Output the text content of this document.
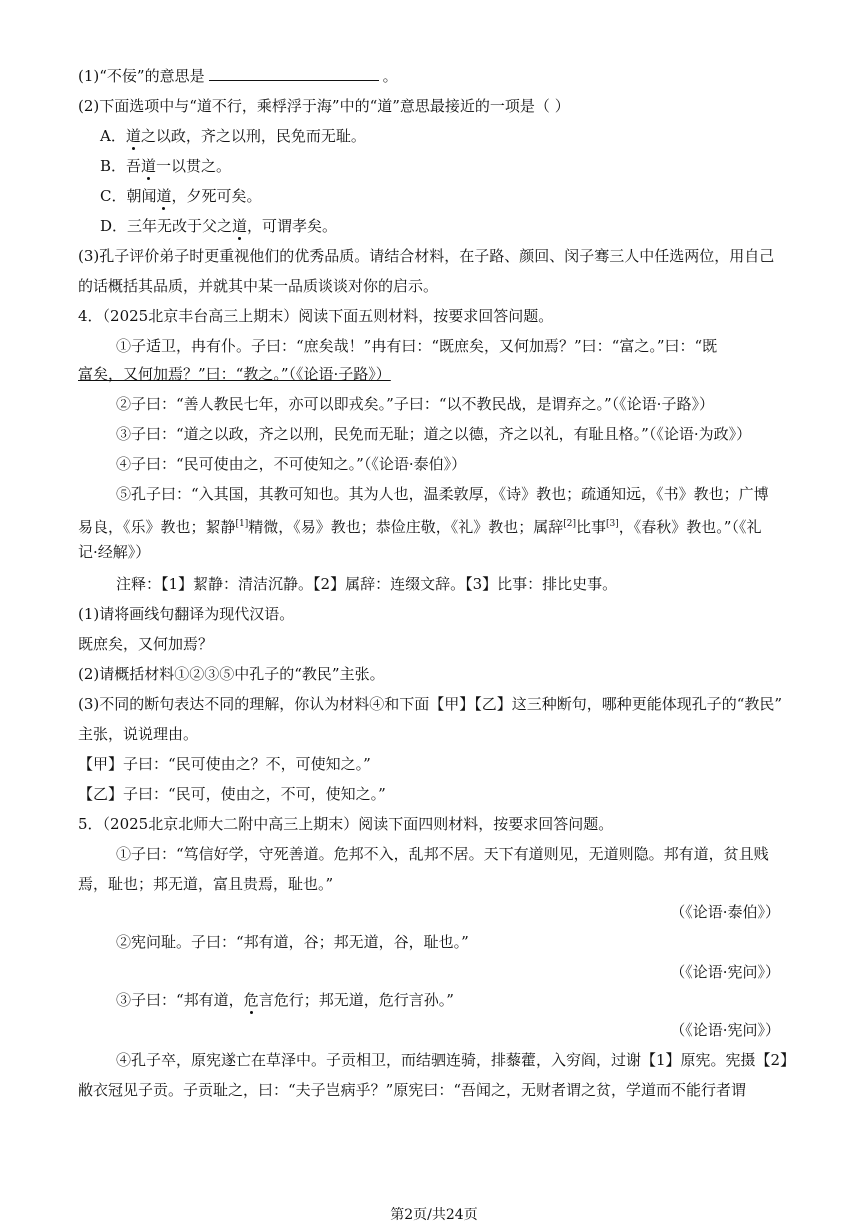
(1)“不佞”的意思是	。
(2)下面选项中与“道不行，乘桴浮于海”中的“道”意思最接近的一项是（ ）
A．道之以政，齐之以刑，民免而无耻。
B．吾道一以贯之。
C．朝闻道，夕死可矣。
D．三年无改于父之道，可谓孝矣。
(3)孔子评价弟子时更重视他们的优秀品质。请结合材料，在子路、颜回、闵子骞三人中任选两位，用自己
的话概括其品质，并就其中某一品质谈谈对你的启示。
4．（2025北京丰台高三上期末）阅读下面五则材料，按要求回答问题。
①子适卫，冉有仆。子曰：“庶矣哉！”冉有曰：“既庶矣，又何加焉？”曰：“富之。”曰：“既
富矣，又何加焉？”曰：“教之。”（《论语·子路》）
②子曰：“善人教民七年，亦可以即戎矣。”子曰：“以不教民战，是谓弃之。”（《论语·子路》）
③子曰：“道之以政，齐之以刑，民免而无耻；道之以德，齐之以礼，有耻且格。”（《论语·为政》）
④子曰：“民可使由之，不可使知之。”（《论语·泰伯》）
⑤孔子曰：“入其国，其教可知也。其为人也，温柔敦厚，《诗》教也；疏通知远，《书》教也；广博
易良，《乐》教也；絜静[1]精微，《易》教也；恭俭庄敬，《礼》教也；属辞[2]比事[3]，《春秋》教也。”（《礼
记·经解》）
注释：【1】絜静：清洁沉静。【2】属辞：连缀文辞。【3】比事：排比史事。
(1)请将画线句翻译为现代汉语。
既庶矣，又何加焉？
(2)请概括材料①②③⑤中孔子的“教民”主张。
(3)不同的断句表达不同的理解，你认为材料④和下面【甲】【乙】这三种断句，哪种更能体现孔子的“教民”
主张，说说理由。
【甲】子曰：“民可使由之？不，可使知之。”
【乙】子曰：“民可，使由之，不可，使知之。”
5．（2025北京北师大二附中高三上期末）阅读下面四则材料，按要求回答问题。
①子曰：“笃信好学，守死善道。危邦不入，乱邦不居。天下有道则见，无道则隐。邦有道，贫且贱
焉，耻也；邦无道，富且贵焉，耻也。”
（《论语·泰伯》）
②宪问耻。子曰：“邦有道，谷；邦无道，谷，耻也。”
（《论语·宪问》）
③子曰：“邦有道，危言危行；邦无道，危行言孙。”
（《论语·宪问》）
④孔子卒，原宪遂亡在草泽中。子贡相卫，而结驷连骑，排藜藿，入穷阎，过谢【1】原宪。宪摄【2】
敝衣冠见子贡。子贡耻之，曰：“夫子岂病乎？”原宪曰：“吾闻之，无财者谓之贫，学道而不能行者谓
第2页/共24页
